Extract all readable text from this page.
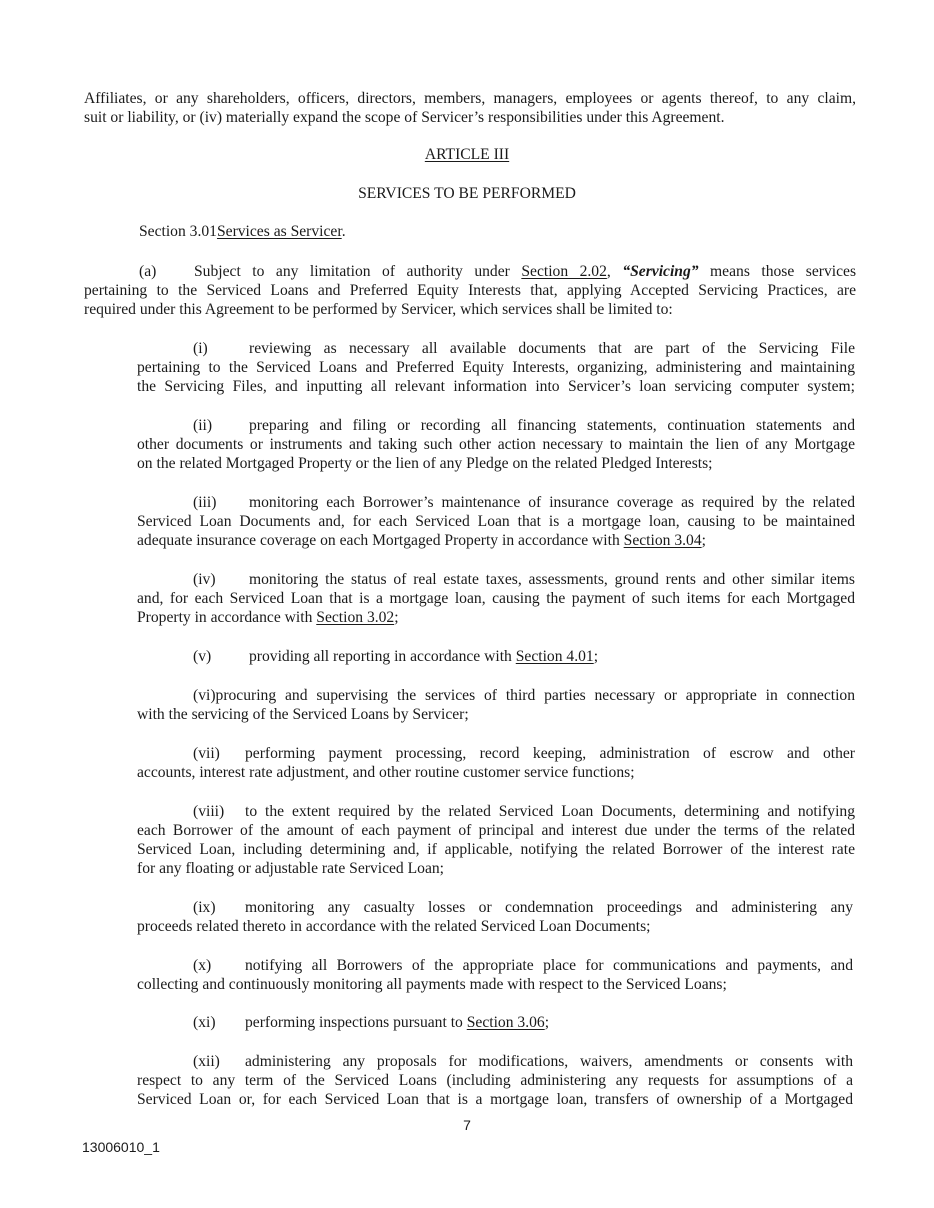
Affiliates, or any shareholders, officers, directors, members, managers, employees or agents thereof, to any claim,
suit or liability, or (iv) materially expand the scope of Servicer’s responsibilities under this Agreement.
ARTICLE III
SERVICES TO BE PERFORMED
Section 3.01Services as Servicer.
(a) Subject to any limitation of authority under Section 2.02, “Servicing” means those services
pertaining to the Serviced Loans and Preferred Equity Interests that, applying Accepted Servicing Practices, are
required under this Agreement to be performed by Servicer, which services shall be limited to:
(i)	reviewing as necessary all available documents that are part of the Servicing File
pertaining to the Serviced Loans and Preferred Equity Interests, organizing, administering and maintaining
the Servicing Files, and inputting all relevant information into Servicer’s loan servicing computer system;
(ii) preparing and filing or recording all financing statements, continuation statements and
other documents or instruments and taking such other action necessary to maintain the lien of any Mortgage
on the related Mortgaged Property or the lien of any Pledge on the related Pledged Interests;
(iii) monitoring each Borrower’s maintenance of insurance coverage as required by the related
Serviced Loan Documents and, for each Serviced Loan that is a mortgage loan, causing to be maintained
adequate insurance coverage on each Mortgaged Property in accordance with Section 3.04;
(iv) monitoring the status of real estate taxes, assessments, ground rents and other similar items
and, for each Serviced Loan that is a mortgage loan, causing the payment of such items for each Mortgaged
Property in accordance with Section 3.02;
(v) providing all reporting in accordance with Section 4.01;
(vi)procuring and supervising the services of third parties necessary or appropriate in connection
with the servicing of the Serviced Loans by Servicer;
(vii) performing payment processing, record keeping, administration of escrow and other
accounts, interest rate adjustment, and other routine customer service functions;
(viii) to the extent required by the related Serviced Loan Documents, determining and notifying
each Borrower of the amount of each payment of principal and interest due under the terms of the related
Serviced Loan, including determining and, if applicable, notifying the related Borrower of the interest rate
for any floating or adjustable rate Serviced Loan;
(ix) monitoring any casualty losses or condemnation proceedings and administering any
proceeds related thereto in accordance with the related Serviced Loan Documents;
(x) notifying all Borrowers of the appropriate place for communications and payments, and
collecting and continuously monitoring all payments made with respect to the Serviced Loans;
(xi) performing inspections pursuant to Section 3.06;
(xii) administering any proposals for modifications, waivers, amendments or consents with
respect to any term of the Serviced Loans (including administering any requests for assumptions of a
Serviced Loan or, for each Serviced Loan that is a mortgage loan, transfers of ownership of a Mortgaged
7
13006010_1
